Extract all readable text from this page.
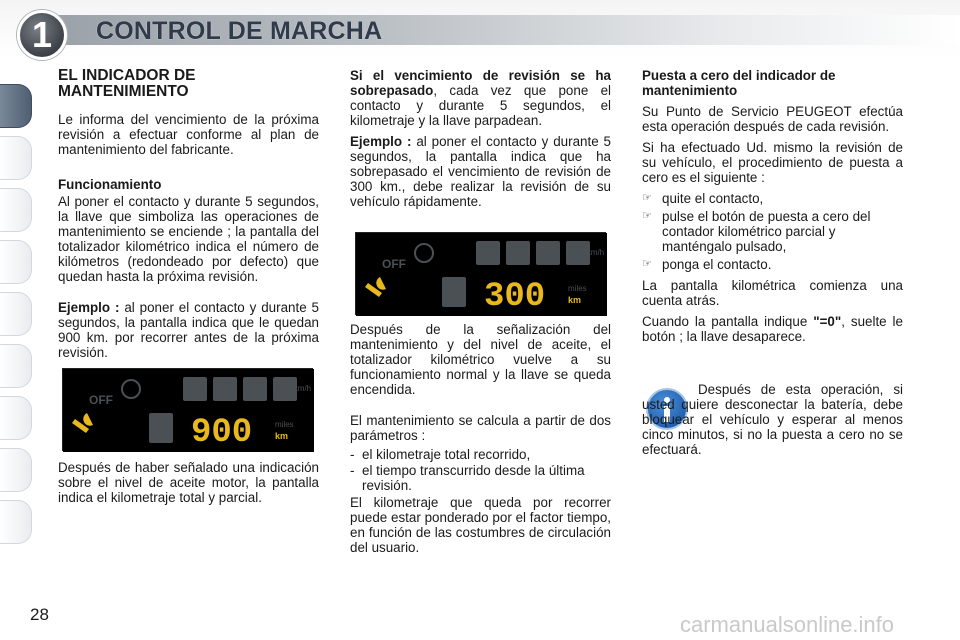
1	CONTROL DE MARCHA
EL INDICADOR DE MANTENIMIENTO

Le informa del vencimiento de la próxima revisión a efectuar conforme al plan de mantenimiento del fabricante.

Funcionamiento

Al poner el contacto y durante 5 segundos, la llave que simboliza las operaciones de mantenimiento se enciende ; la pantalla del totalizador kilométrico indica el número de kilómetros (redondeado por defecto) que quedan hasta la próxima revisión.

Ejemplo : al poner el contacto y durante 5 segundos, la pantalla indica que le quedan 900 km. por recorrer antes de la próxima revisión.

OFF
Mph km/h
900	miles
km

Después de haber señalado una indicación sobre el nivel de aceite motor, la pantalla indica el kilometraje total y parcial.

Si el vencimiento de revisión se ha sobrepasado, cada vez que pone el contacto y durante 5 segundos, el kilometraje y la llave parpadean.

Ejemplo : al poner el contacto y durante 5 segundos, la pantalla indica que ha sobrepasado el vencimiento de revisión de 300 km., debe realizar la revisión de su vehículo rápidamente.

OFF
Mph km/h
300	miles
km

Después de la señalización del mantenimiento y del nivel de aceite, el totalizador kilométrico vuelve a su funcionamiento normal y la llave se queda encendida.

El mantenimiento se calcula a partir de dos parámetros :

- el kilometraje total recorrido,
- el tiempo transcurrido desde la última revisión.

El kilometraje que queda por recorrer puede estar ponderado por el factor tiempo, en función de las costumbres de circulación del usuario.

Puesta a cero del indicador de mantenimiento

Su Punto de Servicio PEUGEOT efectúa esta operación después de cada revisión.

Si ha efectuado Ud. mismo la revisión de su vehículo, el procedimiento de puesta a cero es el siguiente :

☞ quite el contacto,
☞ pulse el botón de puesta a cero del contador kilométrico parcial y manténgalo pulsado,
☞ ponga el contacto.

La pantalla kilométrica comienza una cuenta atrás.

Cuando la pantalla indique "=0", suelte le botón ; la llave desaparece.

Después de esta operación, si usted quiere desconectar la batería, debe bloquear el vehículo y esperar al menos cinco minutos, si no la puesta a cero no se efectuará.

28	carmanualsonline.info
